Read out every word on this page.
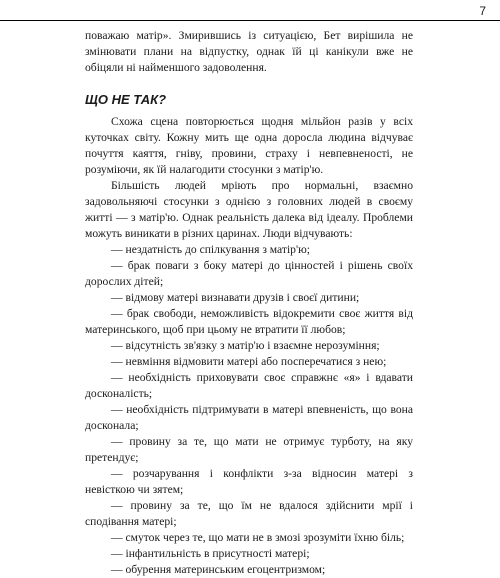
7

поважаю матір». Змирившись із ситуацією, Бет вирішила не змінювати плани на відпустку, однак їй ці канікули вже не обіцяли ні найменшого задоволення.

ЩО НЕ ТАК?

Схожа сцена повторюється щодня мільйон разів у всіх куточках світу. Кожну мить ще одна доросла людина відчуває почуття каяття, гніву, провини, страху і невпевненості, не розуміючи, як їй налагодити стосунки з матір'ю.

Більшість людей мріють про нормальні, взаємно задовольняючі стосунки з однією з головних людей в своєму житті — з матір'ю. Однак реальність далека від ідеалу. Проблеми можуть виникати в різних царинах. Люди відчувають:

— нездатність до спілкування з матір'ю;

— брак поваги з боку матері до цінностей і рішень своїх дорослих дітей;

— відмову матері визнавати друзів і своєї дитини;

— брак свободи, неможливість відокремити своє життя від материнського, щоб при цьому не втратити її любов;

— відсутність зв'язку з матір'ю і взаємне нерозуміння;

— невміння відмовити матері або посперечатися з нею;

— необхідність приховувати своє справжнє «я» і вдавати досконалість;

— необхідність підтримувати в матері впевненість, що вона досконала;

— провину за те, що мати не отримує турботу, на яку претендує;

— розчарування і конфлікти з-за відносин матері з невісткою чи зятем;

— провину за те, що їм не вдалося здійснити мрії і сподівання матері;

— смуток через те, що мати не в змозі зрозуміти їхню біль;

— інфантильність в присутності матері;

— обурення материнським егоцентризмом;
